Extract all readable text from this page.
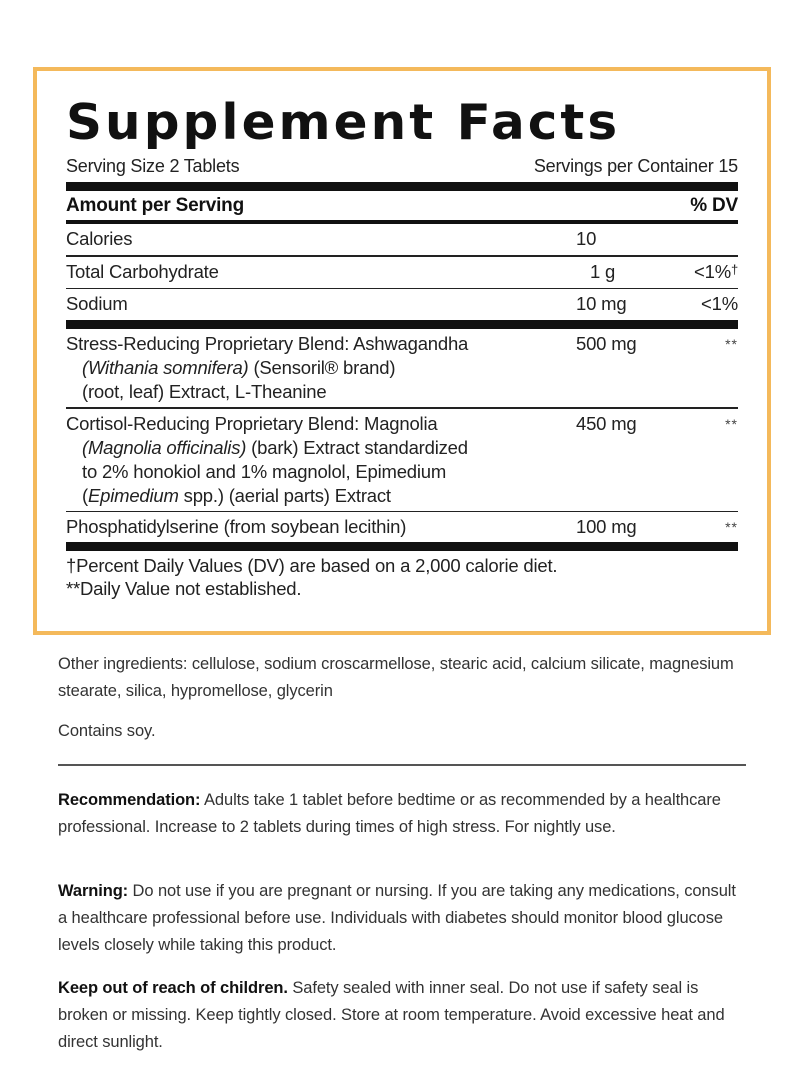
Supplement Facts
Serving Size 2 Tablets	Servings per Container 15
Amount per Serving	% DV
Calories	10
Total Carbohydrate	1 g	<1%†
Sodium	10 mg	<1%
Stress-Reducing Proprietary Blend: Ashwagandha
(Withania somnifera) (Sensoril® brand)
(root, leaf) Extract, L-Theanine
500 mg	**
Cortisol-Reducing Proprietary Blend: Magnolia
(Magnolia officinalis) (bark) Extract standardized
to 2% honokiol and 1% magnolol, Epimedium
(Epimedium spp.) (aerial parts) Extract
450 mg	**
Phosphatidylserine (from soybean lecithin)	100 mg	**
†Percent Daily Values (DV) are based on a 2,000 calorie diet.
**Daily Value not established.

Other ingredients: cellulose, sodium croscarmellose, stearic acid, calcium silicate, magnesium stearate, silica, hypromellose, glycerin

Contains soy.

Recommendation: Adults take 1 tablet before bedtime or as recommended by a healthcare professional. Increase to 2 tablets during times of high stress. For nightly use.

Warning: Do not use if you are pregnant or nursing. If you are taking any medications, consult a healthcare professional before use. Individuals with diabetes should monitor blood glucose levels closely while taking this product.

Keep out of reach of children. Safety sealed with inner seal. Do not use if safety seal is broken or missing. Keep tightly closed. Store at room temperature. Avoid excessive heat and direct sunlight.
